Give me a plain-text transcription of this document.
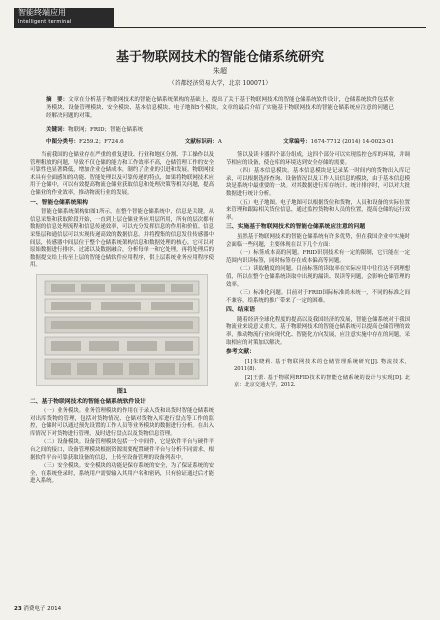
智能终端应用
Intelligent terminal
基于物联网技术的智能仓储系统研究
朱超
（首都经济贸易大学，北京 100071）
摘　要：文章在分析基于物联网技术的智能仓储系统架构的基础上，提出了关于基于物联网技术的智能仓储系统软件设计，仓储系统软件包括业务模块、设备管理模块、安全模块、基本信息模块、电子地图5个模块，文章的最后介绍了实施基于物联网技术的智能仓储系统应注意的问题已经解决问题的对策。
关键词：物联网；FRID；智能仓储系统
中图分类号：F259.2；F724.6	文献标识码：A	文章编号：1674-7712 (2014) 14-0023-01

当前我国的仓储业存在严重的重复建设、行业和地区分割、手工操作以及管理粗放的问题，导致不仅仓储的能力和工作效率不高，仓储管理工作的安全可靠性也显著降低，增加企业仓储成本，制约了企业的引进和发展。物联网技术具有全面感知的功能、智能处理以及可靠传递的特点，如果将物联网技术应用于仓储中，可以有效提高物流仓储业获取信息和处理决策等相关问题，提高仓储业的作业效率，推动物流行业的发展。

一、智能仓储系统架构

智能仓储系统架构如图1所示，在整个智能仓储系统中，信息是关键，从信息采集和获取阶段开始，一直到上层仓储业务应用层所用，所有的层次都有数据的信息处理流程和信息传递效率，可以充分发挥信息的作用和价值。信息采集层和通信层可以实现传递高效的数据信息。并将搜集的信息发往传感器中间层，传感器中间层位于整个仓储系统架构信息和数据处理的核心，它可以对原始数据进行排序、过滤以及数据融合，分析每单一和它处理，再将处理后的数据提交给上传至上层的智能仓储软件应用程序，供上层系统业务应用程序使用。

图1
二、基于物联网技术的智能仓储系统软件设计

（一）业务模块。业务管理模块的作用在于录入货和出货时智能仓储系统对出库货物的管理，包括对货物情况、仓储对货物入库进行盘点等工作的监控，仓储时可以通过预先设置的工作人员等业务模块的数据进行分析。在出入库情况下对货物进行管理，及时进行盘点以及货物信息管理。

（二）设备模块。设备管理模块包括一个中间件，它是软件平台与硬件平台之间的接口，设备管理模块根据资源需要配置硬件平台与分析不同需求，根据软件平台可靠获取设备的信息，上传至设备管理的设备列表中。

（三）安全模块。安全模块的功能是保存系统的安全，为了保证系统的安全，在系统登录时，系统用户需要输入其用户名和密码，只有验证通过后才能进入系统。

签以及读卡器四个部分组成，这四个部分可以实现监控仓库的环境，并调节相应的设备，使仓库的环境达到安全存储的需要。

（四）基本信息模块。基本信息模块是记录某一时间内的货物出入库记录，可以根据选择查询、设备情况以及工作人员信息的模块，由于基本信息模块是系统中最重要的一块。对其数据进行库存统计、统计排序时，可以对大批数据进行统计分析。

（五）电子地图。电子地图可以根据货位和货物，人员和设备的实际位置来管理和跟踪相关货位信息，通过监控货物和人员的位置，提高仓储的运行效率。

三、实施基于物联网技术的智能仓储系统应注意的问题

虽然基于物联网技术的智能仓储系统有许多优势，但在我国企业中实施时会面临一些问题，主要体现在以下几个方面：

（一）标签成本高的问题。FRID识别技术有一定的限制，它只能在一定范围内识读标签，同时标签存在成本偏高等问题。

（二）读取精度的问题。目前标签的读取率在实际应用中往往达不到理想值，所以在整个仓储系统读取中出现的漏读、误读等问题，会影响仓储管理的效率。

（三）标准化问题。目前对于FRID国际标准尚未统一，不同的标准之间不兼容，给系统的推广带来了一定的困难。

四、结束语

随着经济全球化程度的提高以及我国经济的发展，智能仓储系统对于我国物流业来说意义重大。基于物联网技术的智能仓储系统可以提高仓储管理的效率，推动物流行业向现代化、智能化方向发展，应注意实施中存在的问题，采取相应的对策加以解决。

参考文献：

[1]朱晓莉. 基于物联网技术的仓储管理系统研究[J]. 物流技术，2011(8).

[2]王蕾. 基于物联网RFID技术的智能仓储系统的设计与实现[D]. 北京：北京交通大学，2012.

23 消费电子 2014
